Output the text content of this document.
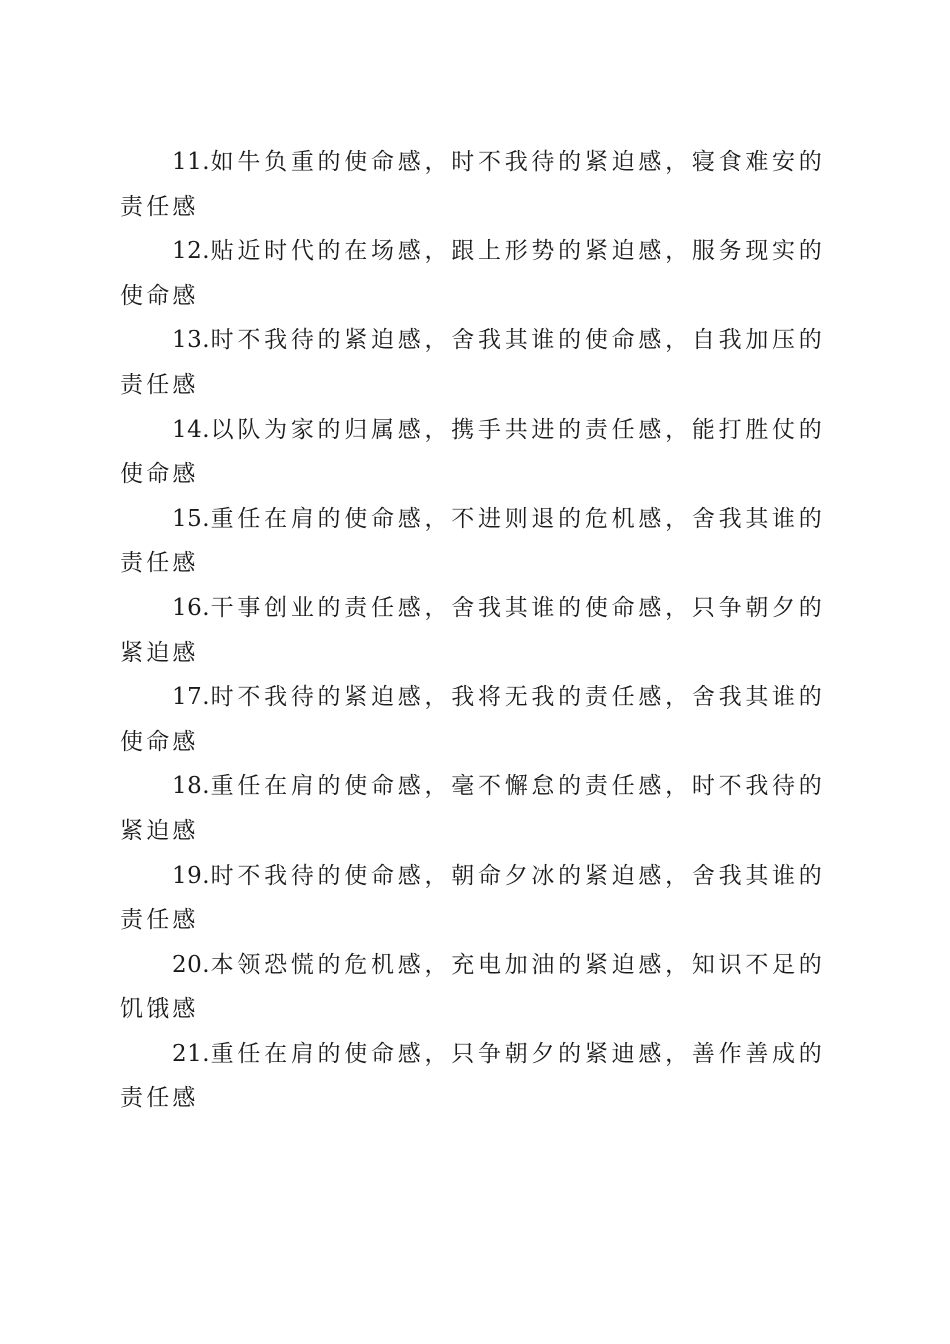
11.如牛负重的使命感，时不我待的紧迫感，寝食难安的责任感

12.贴近时代的在场感，跟上形势的紧迫感，服务现实的使命感

13.时不我待的紧迫感，舍我其谁的使命感，自我加压的责任感

14.以队为家的归属感，携手共进的责任感，能打胜仗的使命感

15.重任在肩的使命感，不进则退的危机感，舍我其谁的责任感

16.干事创业的责任感，舍我其谁的使命感，只争朝夕的紧迫感

17.时不我待的紧迫感，我将无我的责任感，舍我其谁的使命感

18.重任在肩的使命感，毫不懈怠的责任感，时不我待的紧迫感

19.时不我待的使命感，朝命夕冰的紧迫感，舍我其谁的责任感

20.本领恐慌的危机感，充电加油的紧迫感，知识不足的饥饿感

21.重任在肩的使命感，只争朝夕的紧迪感，善作善成的责任感
